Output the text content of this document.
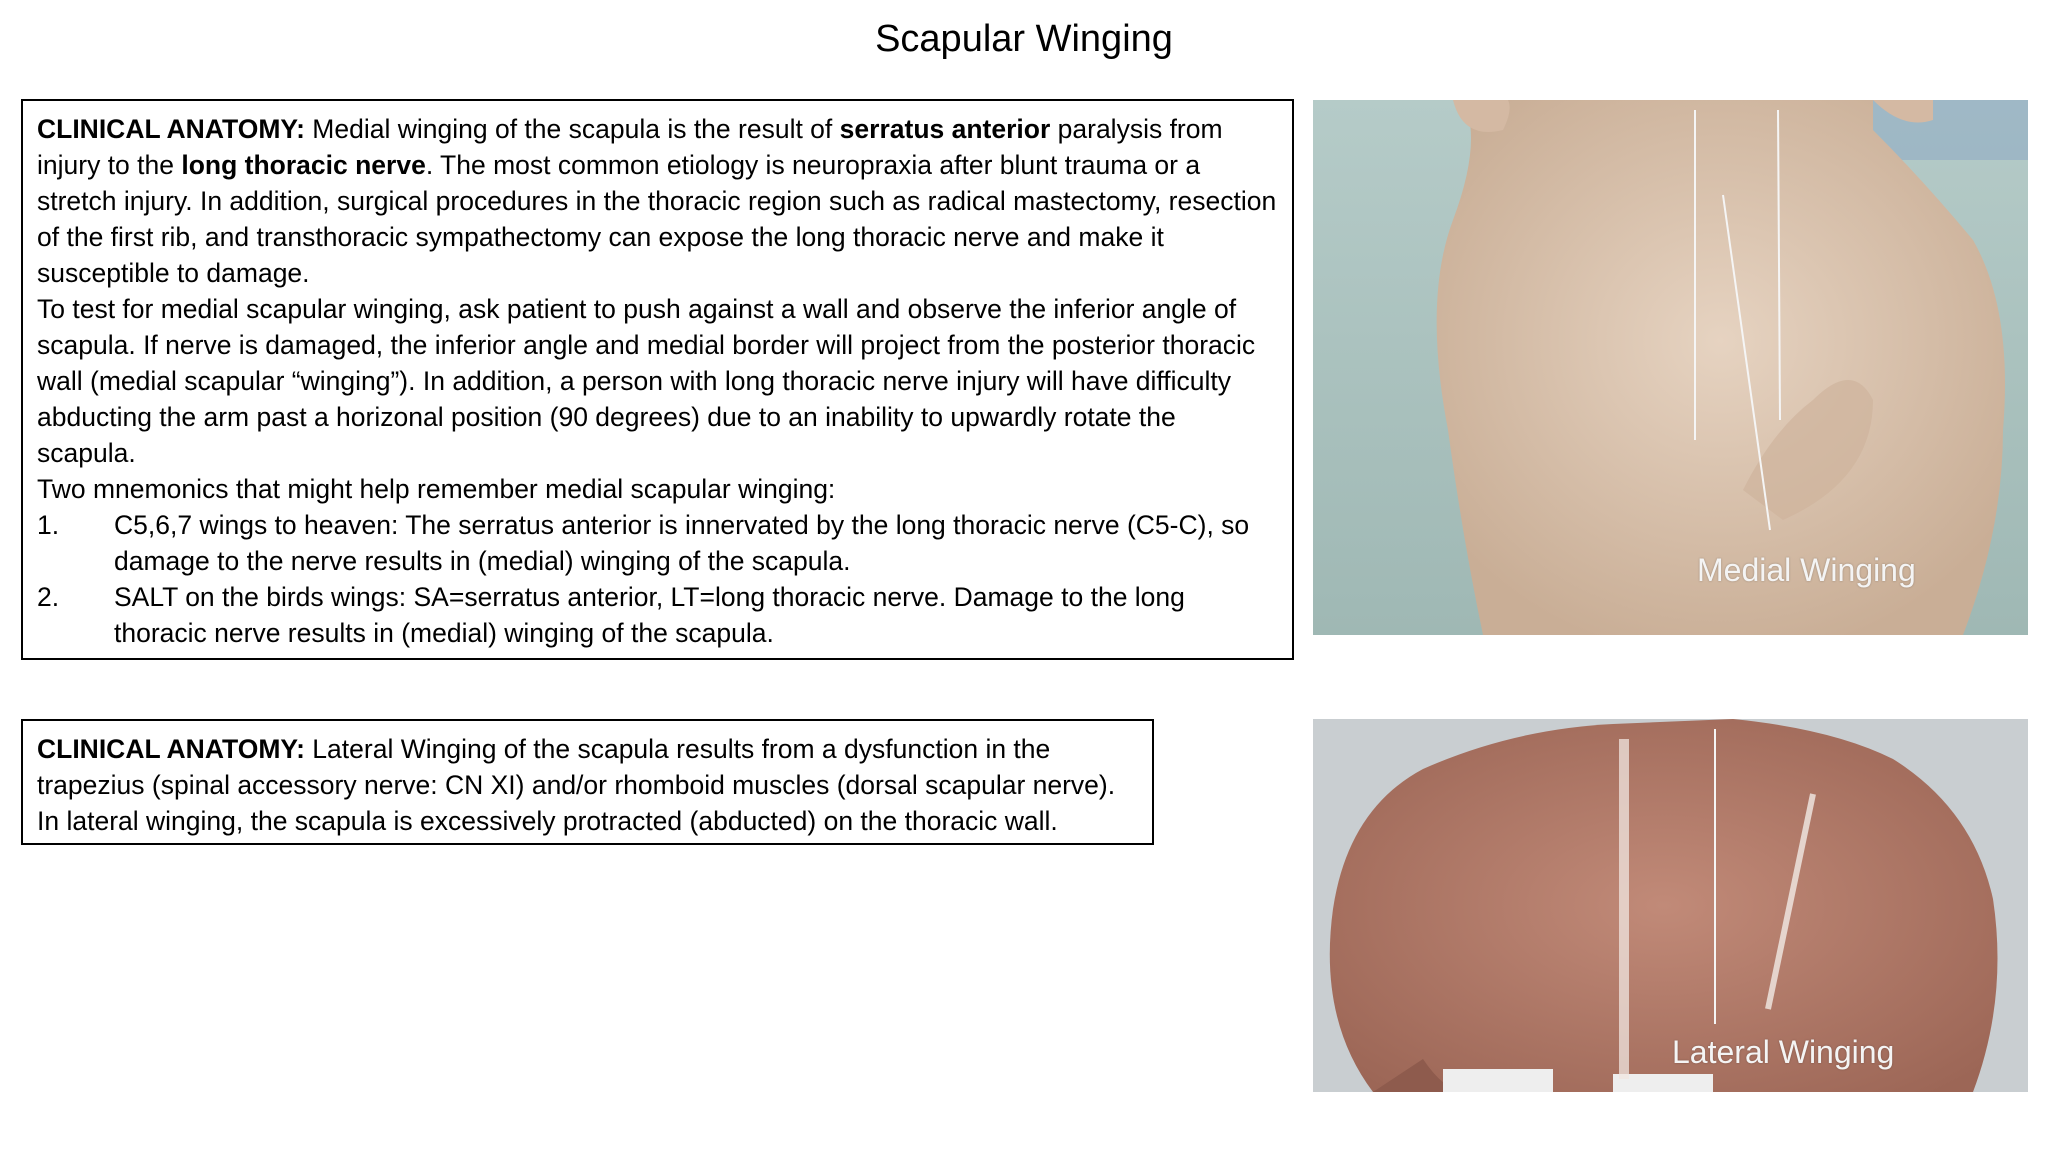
Scapular Winging

CLINICAL ANATOMY: Medial winging of the scapula is the result of serratus anterior paralysis from injury to the long thoracic nerve. The most common etiology is neuropraxia after blunt trauma or a stretch injury. In addition, surgical procedures in the thoracic region such as radical mastectomy, resection of the first rib, and transthoracic sympathectomy can expose the long thoracic nerve and make it susceptible to damage.

To test for medial scapular winging, ask patient to push against a wall and observe the inferior angle of scapula. If nerve is damaged, the inferior angle and medial border will project from the posterior thoracic wall (medial scapular “winging”). In addition, a person with long thoracic nerve injury will have difficulty abducting the arm past a horizonal position (90 degrees) due to an inability to upwardly rotate the scapula.

Two mnemonics that might help remember medial scapular winging:

1.	C5,6,7 wings to heaven: The serratus anterior is innervated by the long thoracic nerve (C5-C), so damage to the nerve results in (medial) winging of the scapula.
2.	SALT on the birds wings: SA=serratus anterior, LT=long thoracic nerve. Damage to the long thoracic nerve results in (medial) winging of the scapula.

CLINICAL ANATOMY: Lateral Winging of the scapula results from a dysfunction in the trapezius (spinal accessory nerve: CN XI) and/or rhomboid muscles (dorsal scapular nerve). In lateral winging, the scapula is excessively protracted (abducted) on the thoracic wall.

Medial Winging
Lateral Winging
